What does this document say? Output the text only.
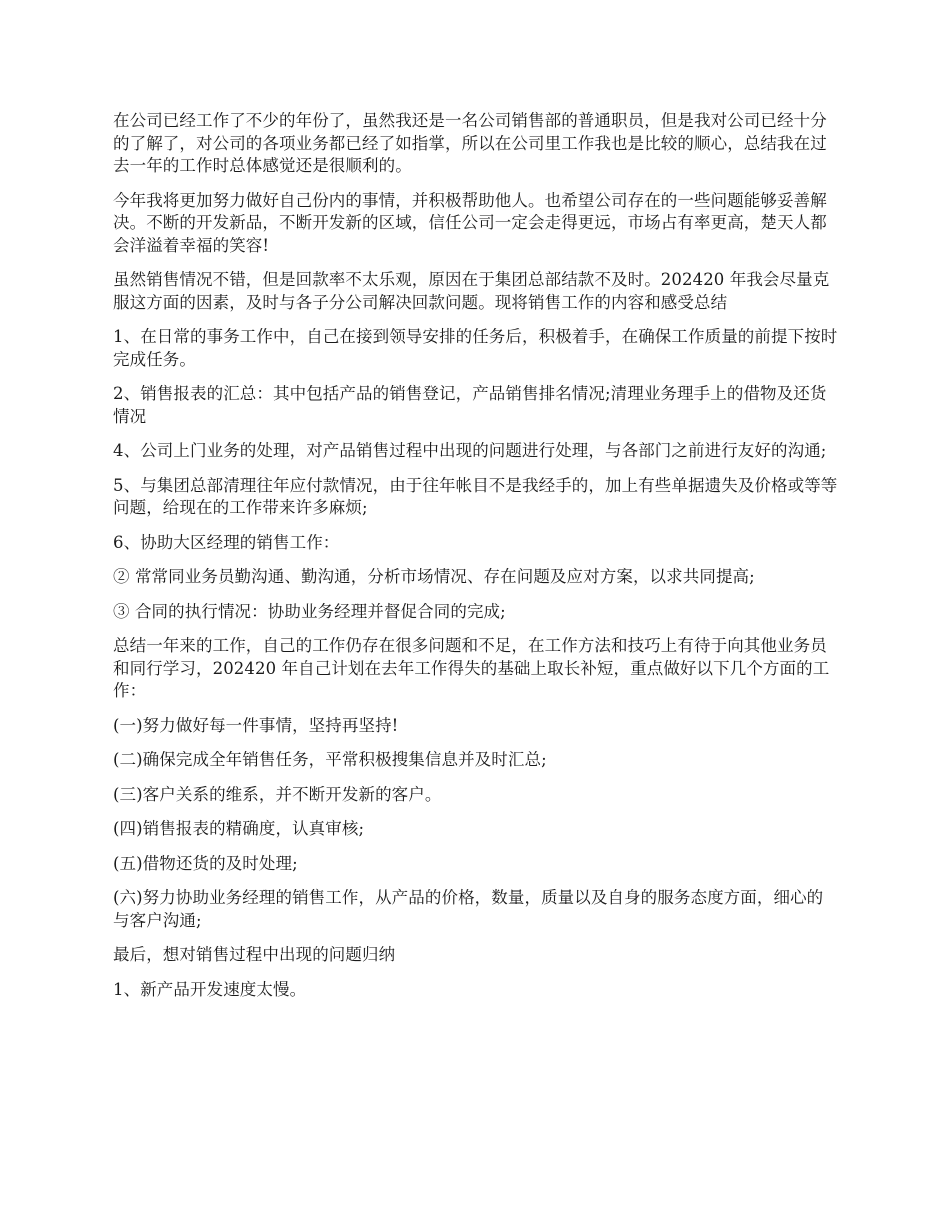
在公司已经工作了不少的年份了，虽然我还是一名公司销售部的普通职员，但是我对公司已经十分的了解了，对公司的各项业务都已经了如指掌，所以在公司里工作我也是比较的顺心，总结我在过去一年的工作时总体感觉还是很顺利的。

今年我将更加努力做好自己份内的事情，并积极帮助他人。也希望公司存在的一些问题能够妥善解决。不断的开发新品，不断开发新的区域，信任公司一定会走得更远，市场占有率更高，楚天人都会洋溢着幸福的笑容!

虽然销售情况不错，但是回款率不太乐观，原因在于集团总部结款不及时。202420 年我会尽量克服这方面的因素，及时与各子分公司解决回款问题。现将销售工作的内容和感受总结

1、在日常的事务工作中，自己在接到领导安排的任务后，积极着手，在确保工作质量的前提下按时完成任务。

2、销售报表的汇总：其中包括产品的销售登记，产品销售排名情况;清理业务理手上的借物及还货情况

4、公司上门业务的处理，对产品销售过程中出现的问题进行处理，与各部门之前进行友好的沟通;

5、与集团总部清理往年应付款情况，由于往年帐目不是我经手的，加上有些单据遗失及价格或等等问题，给现在的工作带来许多麻烦;

6、协助大区经理的销售工作：

② 常常同业务员勤沟通、勤沟通，分析市场情况、存在问题及应对方案，以求共同提高;

③ 合同的执行情况：协助业务经理并督促合同的完成;

总结一年来的工作，自己的工作仍存在很多问题和不足，在工作方法和技巧上有待于向其他业务员和同行学习，202420 年自己计划在去年工作得失的基础上取长补短，重点做好以下几个方面的工作：

(一)努力做好每一件事情，坚持再坚持!

(二)确保完成全年销售任务，平常积极搜集信息并及时汇总;

(三)客户关系的维系，并不断开发新的客户。

(四)销售报表的精确度，认真审核;

(五)借物还货的及时处理;

(六)努力协助业务经理的销售工作，从产品的价格，数量，质量以及自身的服务态度方面，细心的与客户沟通;

最后，想对销售过程中出现的问题归纳

1、新产品开发速度太慢。
